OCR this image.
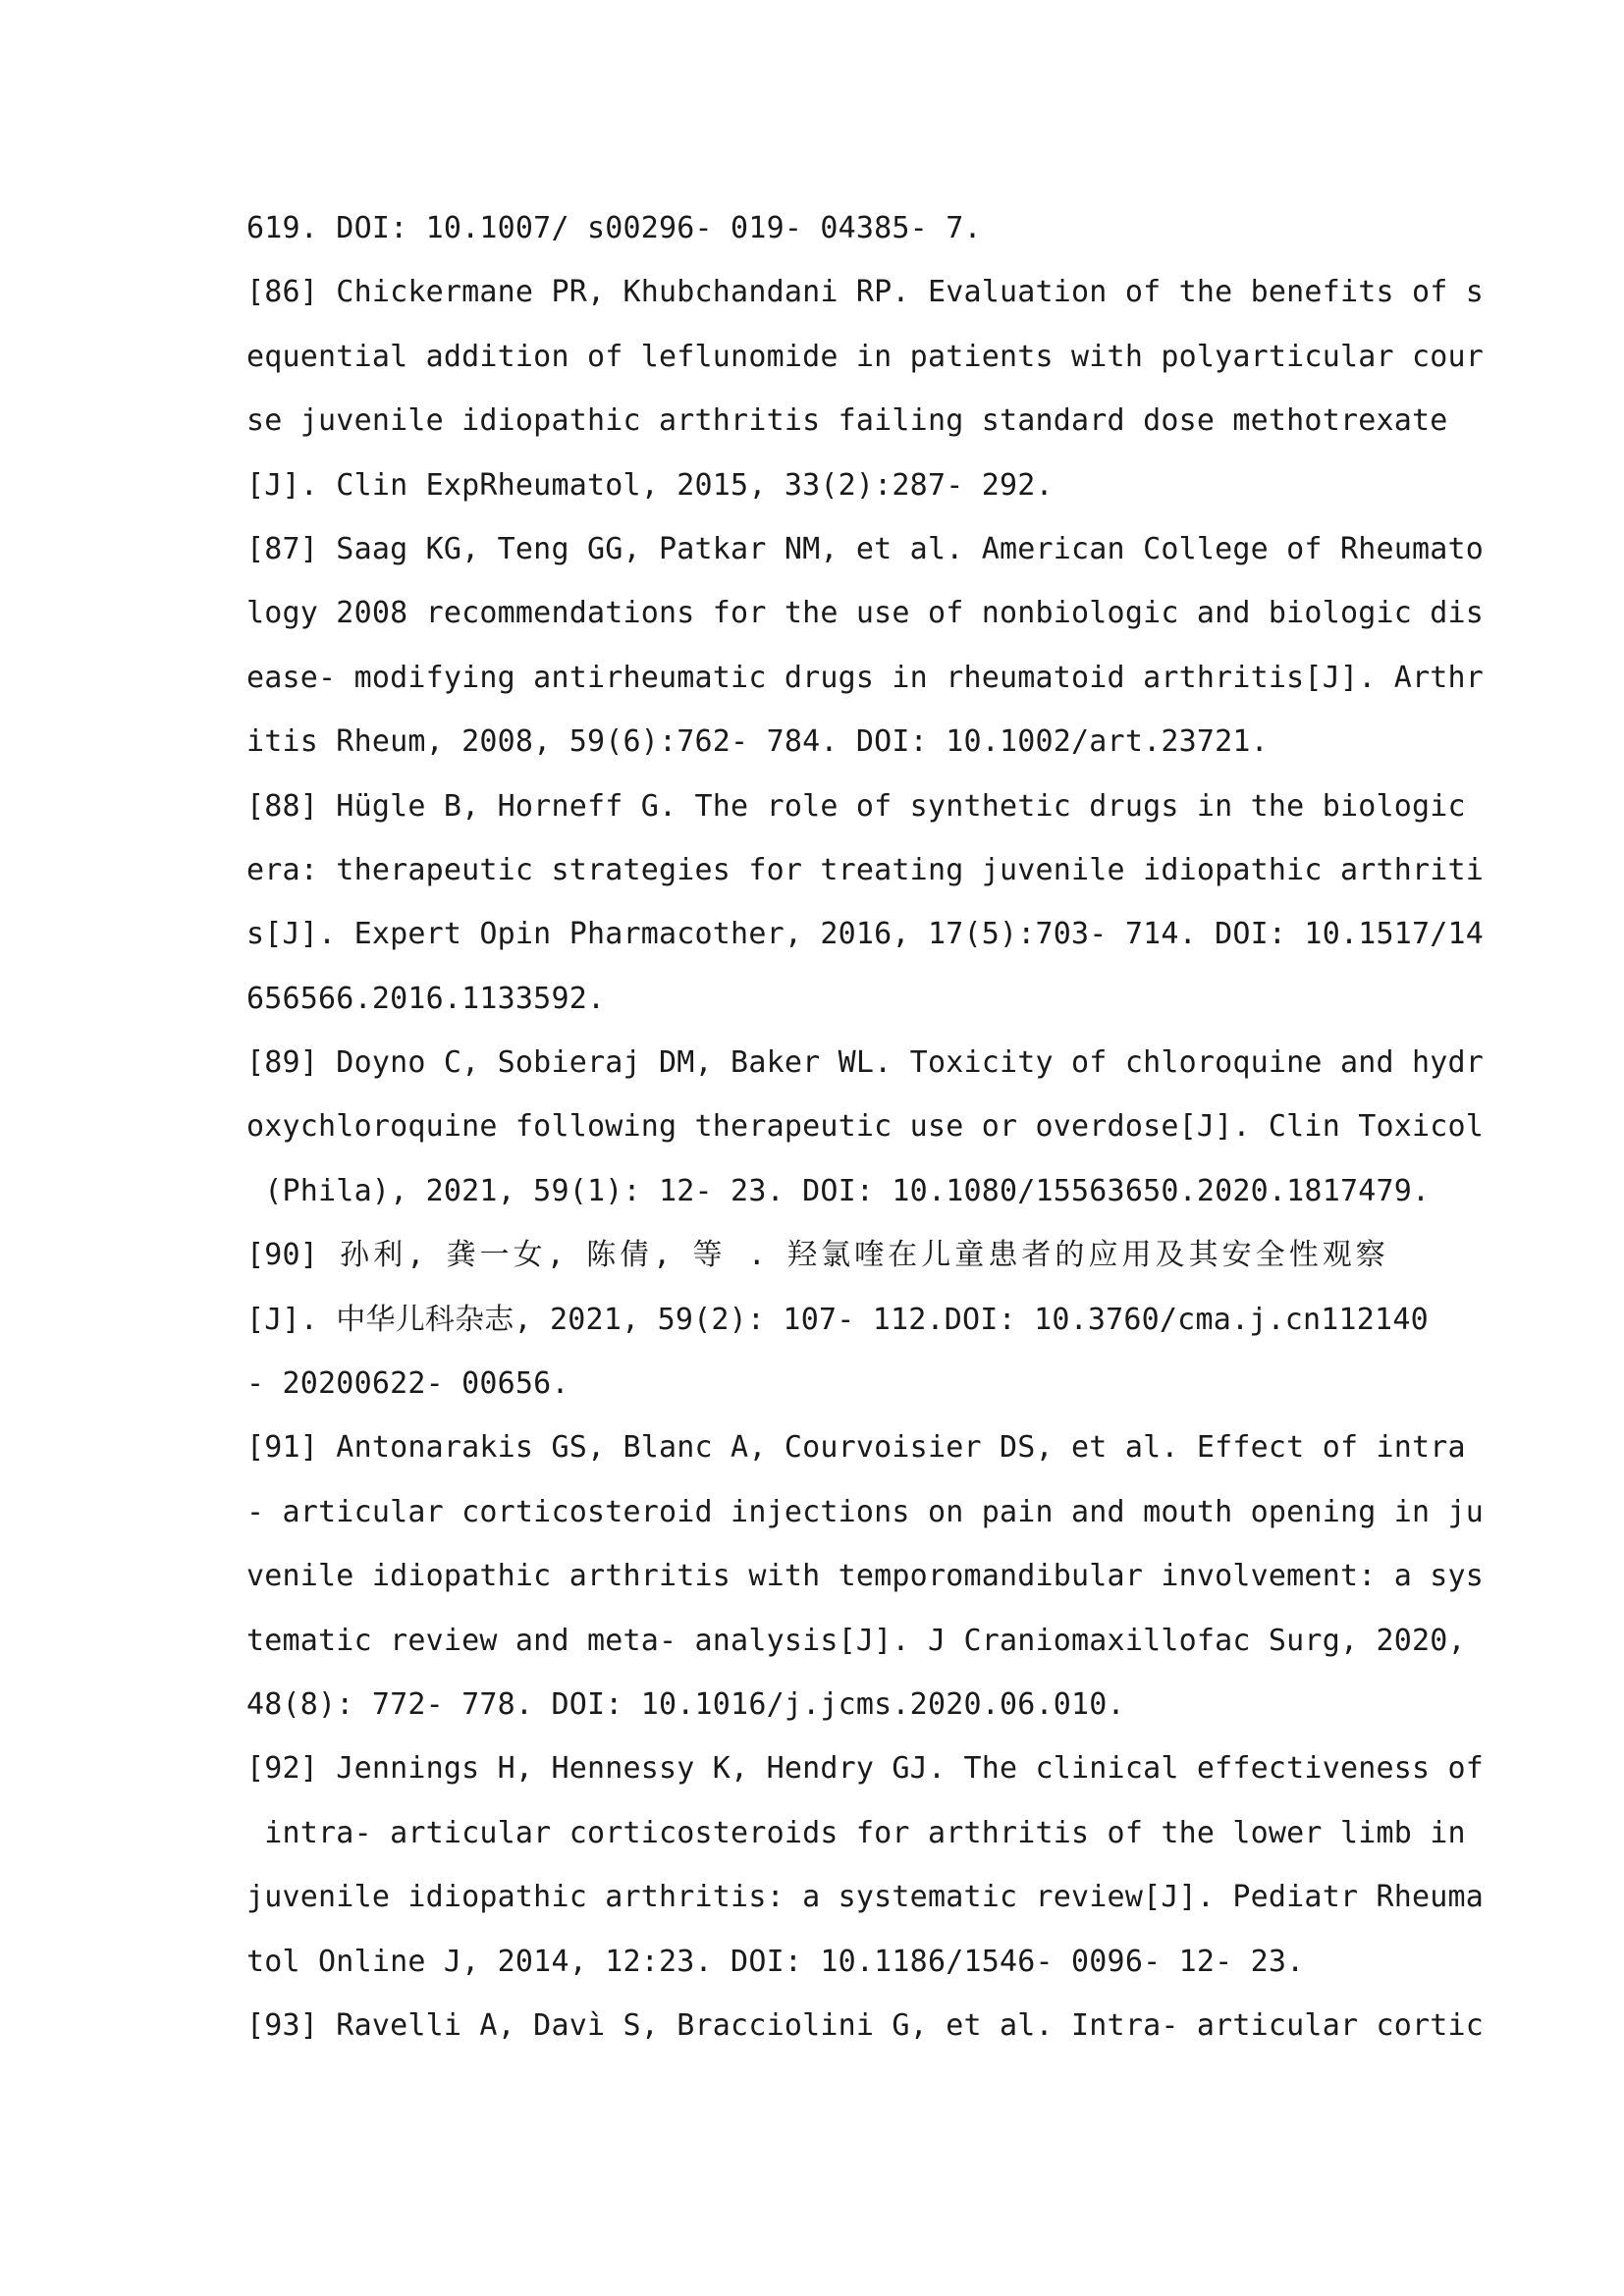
619. DOI: 10.1007/ s00296- 019- 04385- 7.
[86] Chickermane PR, Khubchandani RP. Evaluation of the benefits of s
equential addition of leflunomide in patients with polyarticular cour
se juvenile idiopathic arthritis failing standard dose methotrexate
[J]. Clin ExpRheumatol, 2015, 33(2):287- 292.
[87] Saag KG, Teng GG, Patkar NM, et al. American College of Rheumato
logy 2008 recommendations for the use of nonbiologic and biologic dis
ease- modifying antirheumatic drugs in rheumatoid arthritis[J]. Arthr
itis Rheum, 2008, 59(6):762- 784. DOI: 10.1002/art.23721.
[88] Hügle B, Horneff G. The role of synthetic drugs in the biologic
era: therapeutic strategies for treating juvenile idiopathic arthriti
s[J]. Expert Opin Pharmacother, 2016, 17(5):703- 714. DOI: 10.1517/14
656566.2016.1133592.
[89] Doyno C, Sobieraj DM, Baker WL. Toxicity of chloroquine and hydr
oxychloroquine following therapeutic use or overdose[J]. Clin Toxicol
(Phila), 2021, 59(1): 12- 23. DOI: 10.1080/15563650.2020.1817479.
[90] 孙利, 龚一女, 陈倩, 等 . 羟氯喹在儿童患者的应用及其安全性观察
[J]. 中华儿科杂志, 2021, 59(2): 107- 112.DOI: 10.3760/cma.j.cn112140
- 20200622- 00656.
[91] Antonarakis GS, Blanc A, Courvoisier DS, et al. Effect of intra
- articular corticosteroid injections on pain and mouth opening in ju
venile idiopathic arthritis with temporomandibular involvement: a sys
tematic review and meta- analysis[J]. J Craniomaxillofac Surg, 2020,
48(8): 772- 778. DOI: 10.1016/j.jcms.2020.06.010.
[92] Jennings H, Hennessy K, Hendry GJ. The clinical effectiveness of
intra- articular corticosteroids for arthritis of the lower limb in
juvenile idiopathic arthritis: a systematic review[J]. Pediatr Rheuma
tol Online J, 2014, 12:23. DOI: 10.1186/1546- 0096- 12- 23.
[93] Ravelli A, Davì S, Bracciolini G, et al. Intra- articular cortic
